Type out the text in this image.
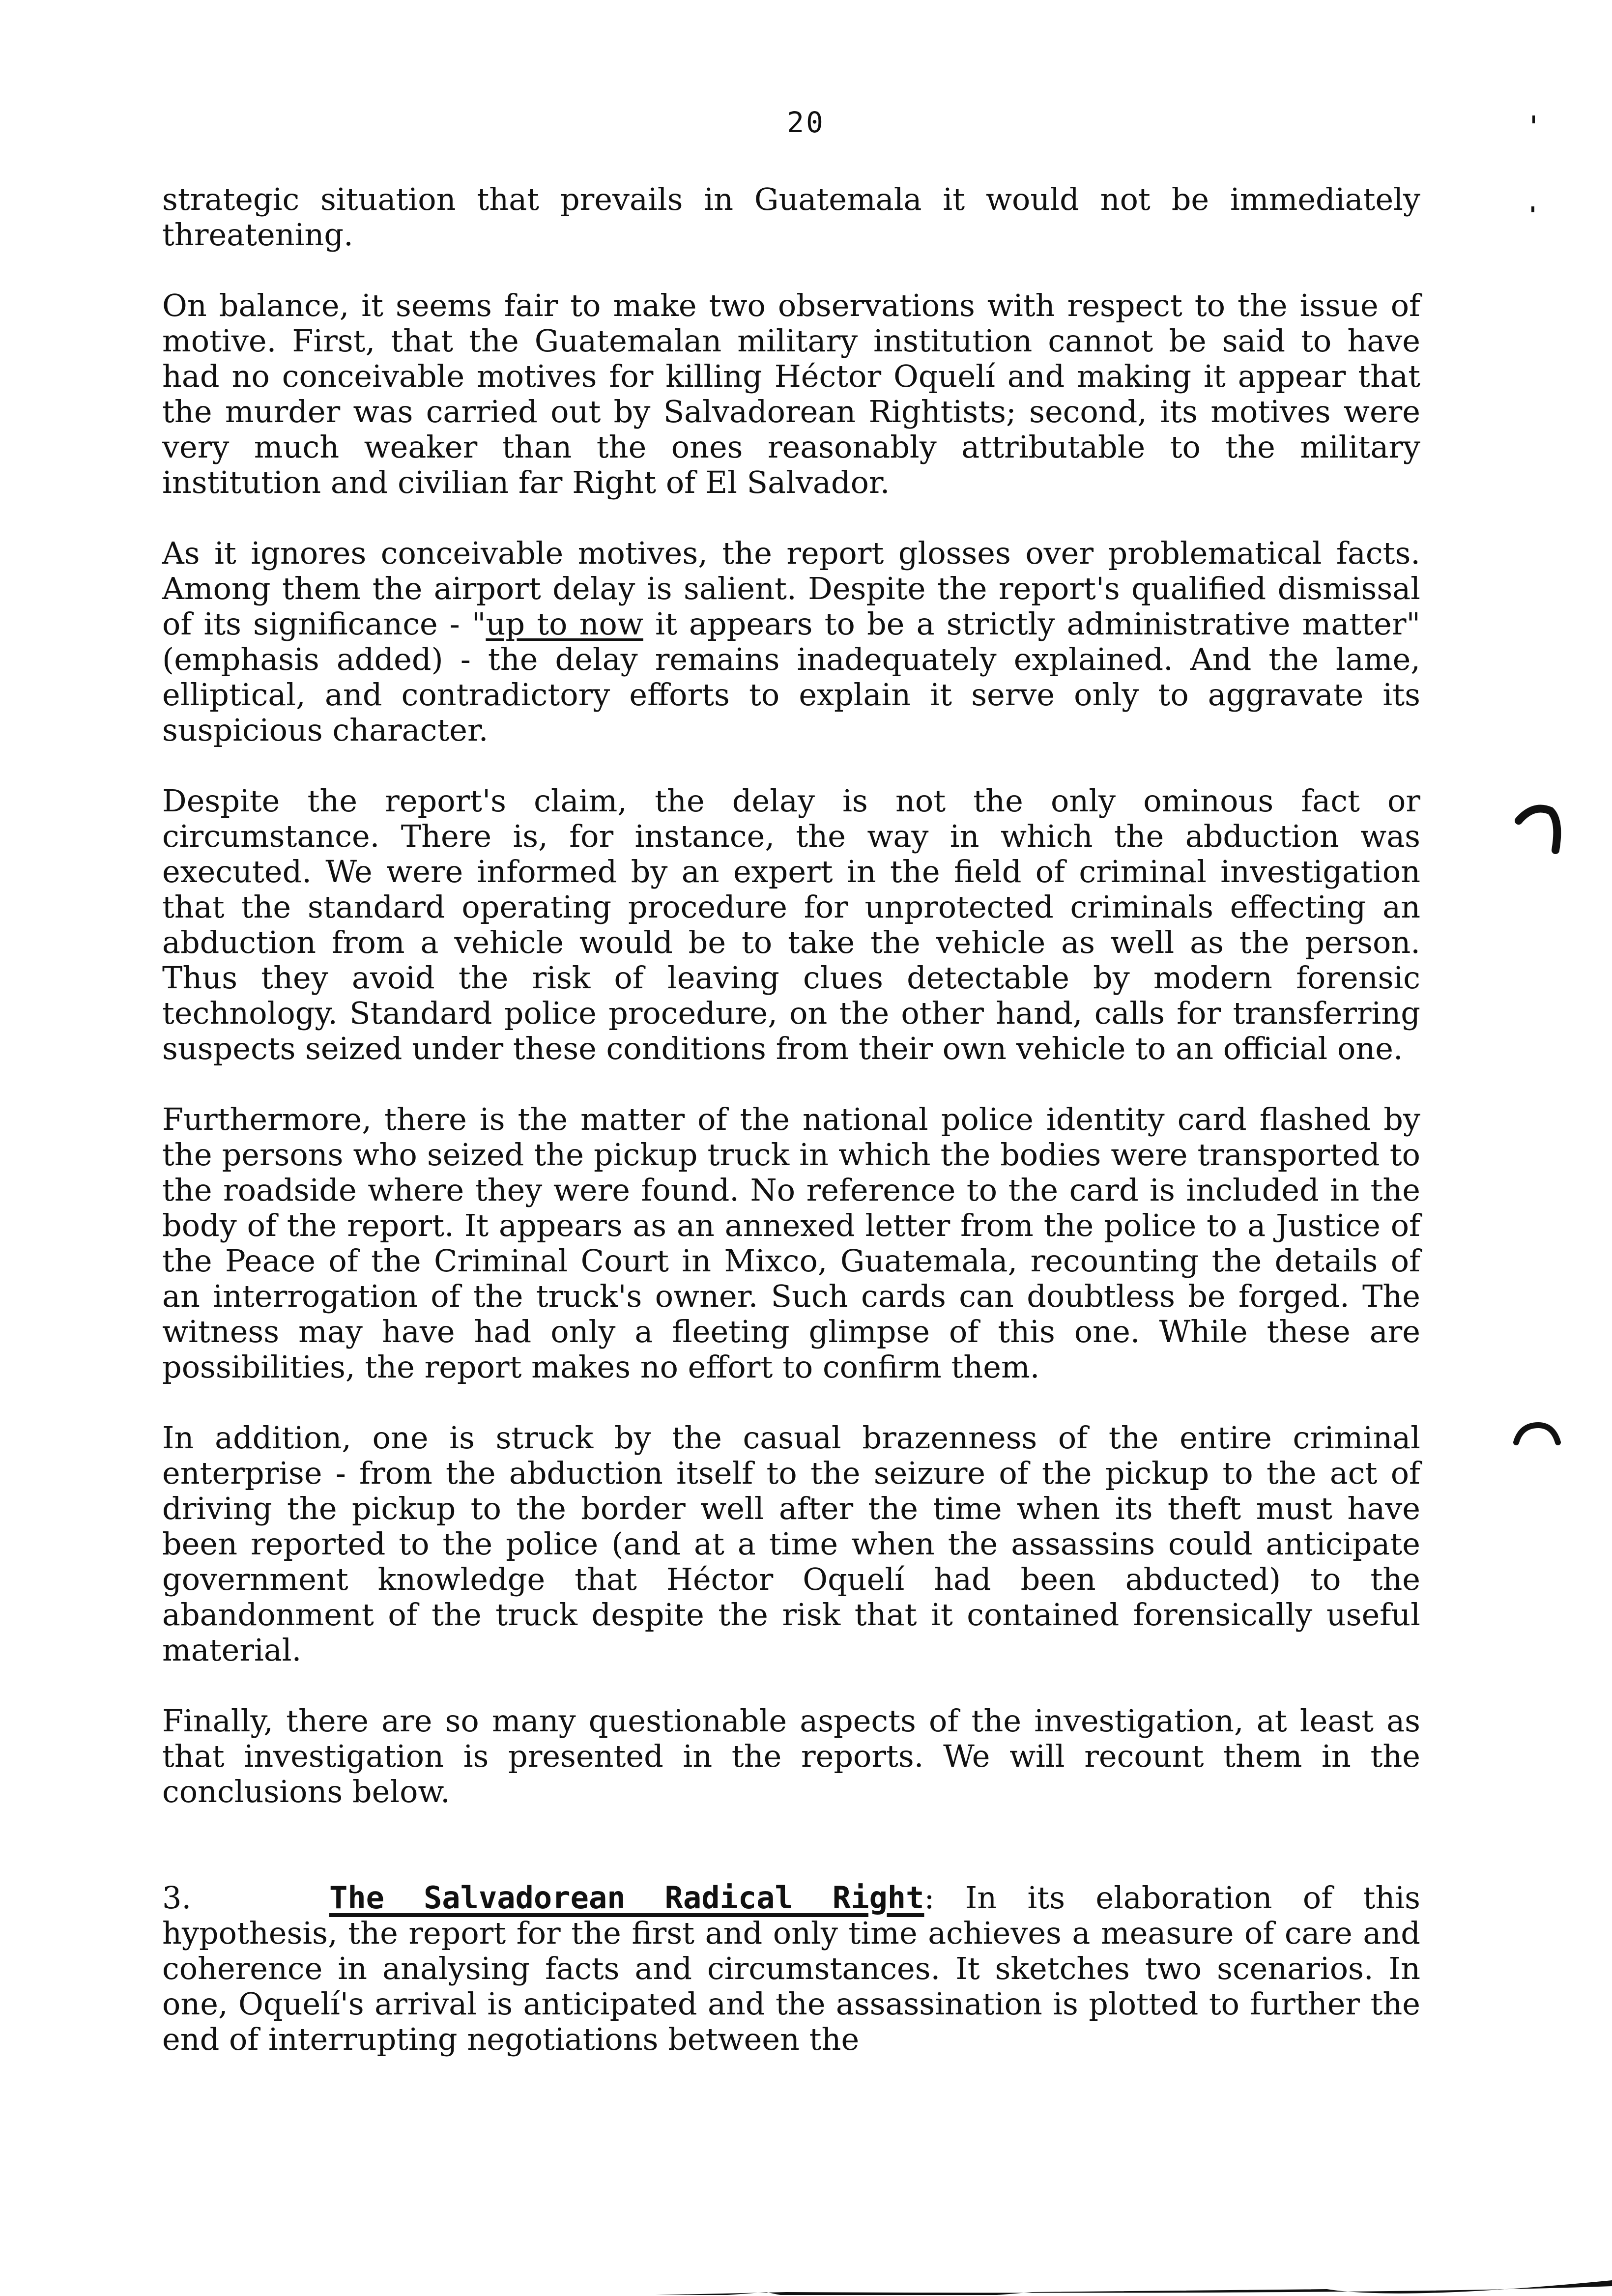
20

strategic situation that prevails in Guatemala it would not be immediately threatening.

On balance, it seems fair to make two observations with respect to the issue of motive. First, that the Guatemalan military institution cannot be said to have had no conceivable motives for killing Héctor Oquelí and making it appear that the murder was carried out by Salvadorean Rightists; second, its motives were very much weaker than the ones reasonably attributable to the military institution and civilian far Right of El Salvador.

As it ignores conceivable motives, the report glosses over problematical facts. Among them the airport delay is salient. Despite the report's qualified dismissal of its significance - "up to now it appears to be a strictly administrative matter" (emphasis added) - the delay remains inadequately explained. And the lame, elliptical, and contradictory efforts to explain it serve only to aggravate its suspicious character.

Despite the report's claim, the delay is not the only ominous fact or circumstance. There is, for instance, the way in which the abduction was executed. We were informed by an expert in the field of criminal investigation that the standard operating procedure for unprotected criminals effecting an abduction from a vehicle would be to take the vehicle as well as the person. Thus they avoid the risk of leaving clues detectable by modern forensic technology. Standard police procedure, on the other hand, calls for transferring suspects seized under these conditions from their own vehicle to an official one.

Furthermore, there is the matter of the national police identity card flashed by the persons who seized the pickup truck in which the bodies were transported to the roadside where they were found. No reference to the card is included in the body of the report. It appears as an annexed letter from the police to a Justice of the Peace of the Criminal Court in Mixco, Guatemala, recounting the details of an interrogation of the truck's owner. Such cards can doubtless be forged. The witness may have had only a fleeting glimpse of this one. While these are possibilities, the report makes no effort to confirm them.

In addition, one is struck by the casual brazenness of the entire criminal enterprise - from the abduction itself to the seizure of the pickup to the act of driving the pickup to the border well after the time when its theft must have been reported to the police (and at a time when the assassins could anticipate government knowledge that Héctor Oquelí had been abducted) to the abandonment of the truck despite the risk that it contained forensically useful material.

Finally, there are so many questionable aspects of the investigation, at least as that investigation is presented in the reports. We will recount them in the conclusions below.

3.	The Salvadorean Radical Right: In its elaboration of this hypothesis, the report for the first and only time achieves a measure of care and coherence in analysing facts and circumstances. It sketches two scenarios. In one, Oquelí's arrival is anticipated and the assassination is plotted to further the end of interrupting negotiations between the
